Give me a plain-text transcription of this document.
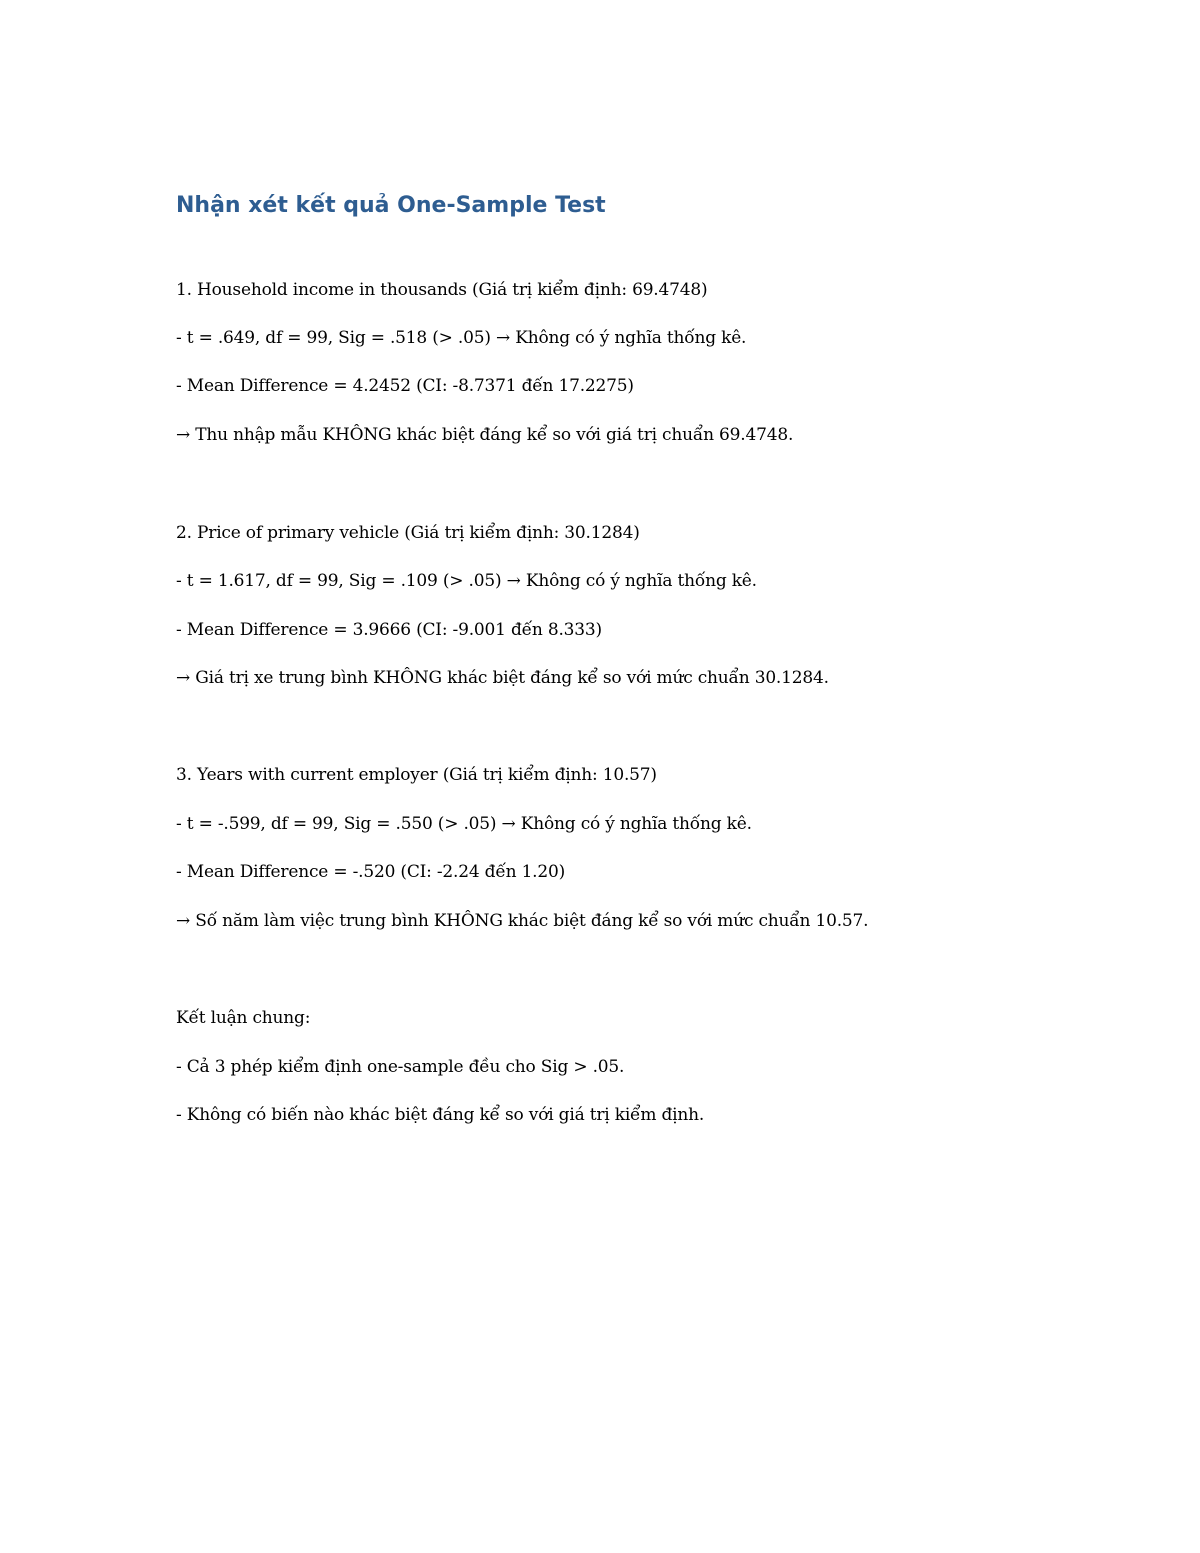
Nhận xét kết quả One-Sample Test
1. Household income in thousands (Giá trị kiểm định: 69.4748)
- t = .649, df = 99, Sig = .518 (> .05) → Không có ý nghĩa thống kê.
- Mean Difference = 4.2452 (CI: -8.7371 đến 17.2275)
→ Thu nhập mẫu KHÔNG khác biệt đáng kể so với giá trị chuẩn 69.4748.
2. Price of primary vehicle (Giá trị kiểm định: 30.1284)
- t = 1.617, df = 99, Sig = .109 (> .05) → Không có ý nghĩa thống kê.
- Mean Difference = 3.9666 (CI: -9.001 đến 8.333)
→ Giá trị xe trung bình KHÔNG khác biệt đáng kể so với mức chuẩn 30.1284.
3. Years with current employer (Giá trị kiểm định: 10.57)
- t = -.599, df = 99, Sig = .550 (> .05) → Không có ý nghĩa thống kê.
- Mean Difference = -.520 (CI: -2.24 đến 1.20)
→ Số năm làm việc trung bình KHÔNG khác biệt đáng kể so với mức chuẩn 10.57.
Kết luận chung:
- Cả 3 phép kiểm định one-sample đều cho Sig > .05.
- Không có biến nào khác biệt đáng kể so với giá trị kiểm định.
